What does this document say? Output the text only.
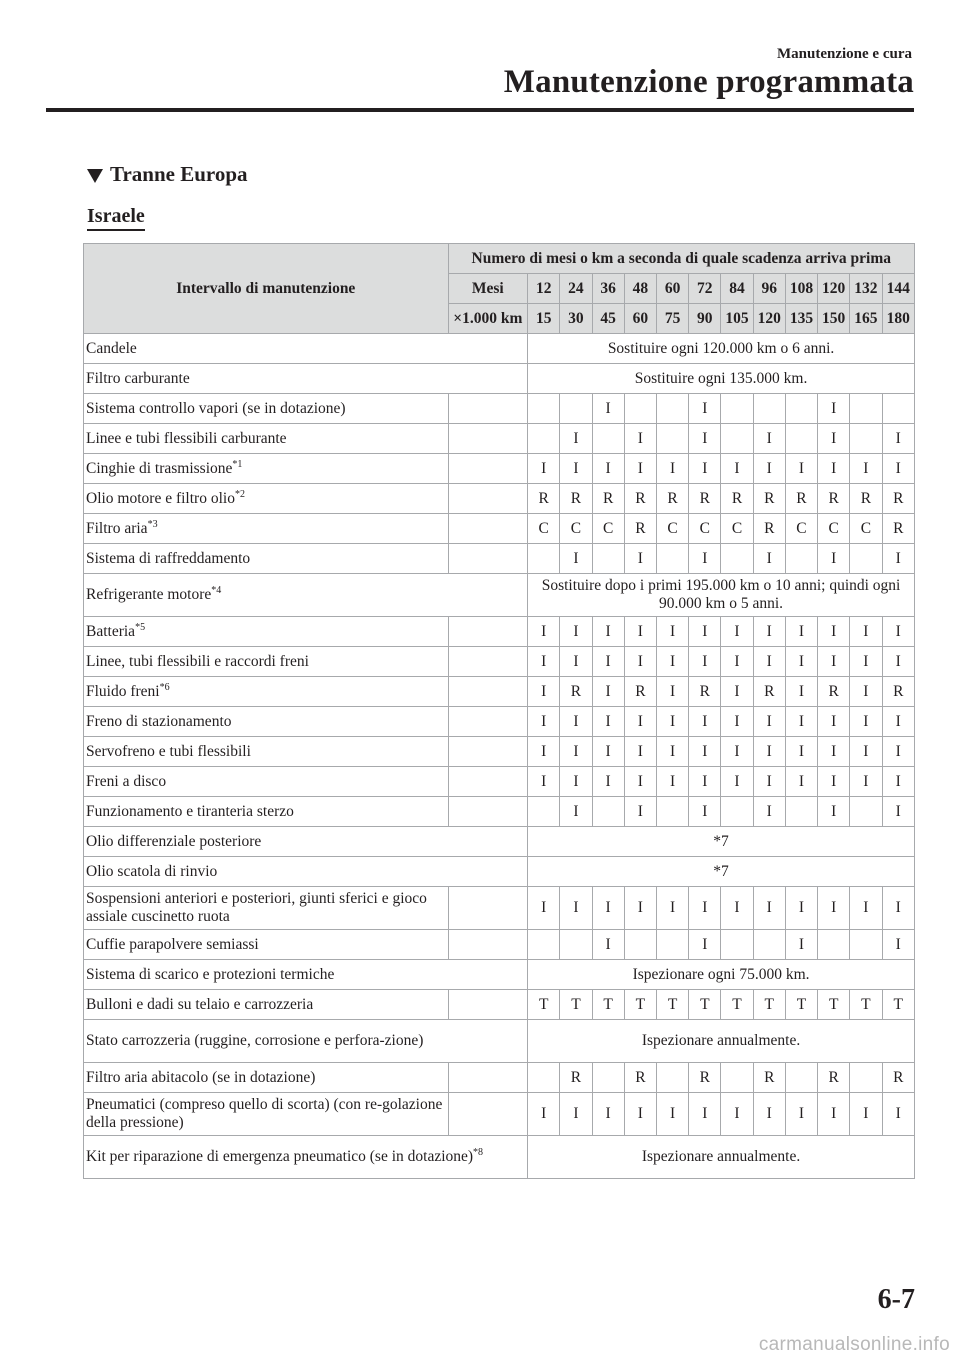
Manutenzione e cura
Manutenzione programmata
Tranne Europa
Israele
Intervallo di manutenzione	Numero di mesi o km a seconda di quale scadenza arriva prima												
	Mesi	12	24	36	48	60	72	84	96	108	120	132	144
	×1.000 km	15	30	45	60	75	90	105	120	135	150	165	180
Candele		Sostituire ogni 120.000 km o 6 anni.											
Filtro carburante		Sostituire ogni 135.000 km.											
Sistema controllo vapori (se in dotazione)				I			I				I		
Linee e tubi flessibili carburante			I		I		I		I		I		I
Cinghie di trasmissione$^{*1}$		I	I	I	I	I	I	I	I	I	I	I	I
Olio motore e filtro olio$^{*2}$		R	R	R	R	R	R	R	R	R	R	R	R
Filtro aria$^{*3}$		C	C	C	R	C	C	C	R	C	C	C	R
Sistema di raffreddamento			I		I		I		I		I		I
Refrigerante motore$^{*4}$		Sostituire dopo i primi 195.000 km o 10 anni; quindi ogni 90.000 km o 5 anni.											
Batteria$^{*5}$		I	I	I	I	I	I	I	I	I	I	I	I
Linee, tubi flessibili e raccordi freni		I	I	I	I	I	I	I	I	I	I	I	I
Fluido freni$^{*6}$		I	R	I	R	I	R	I	R	I	R	I	R
Freno di stazionamento		I	I	I	I	I	I	I	I	I	I	I	I
Servofreno e tubi flessibili		I	I	I	I	I	I	I	I	I	I	I	I
Freni a disco		I	I	I	I	I	I	I	I	I	I	I	I
Funzionamento e tiranteria sterzo			I		I		I		I		I		I
Olio differenziale posteriore		*7											
Olio scatola di rinvio		*7											
Sospensioni anteriori e posteriori, giunti sferici e gioco assiale cuscinetto ruota		I	I	I	I	I	I	I	I	I	I	I	I
Cuffie parapolvere semiassi				I			I			I			I
Sistema di scarico e protezioni termiche		Ispezionare ogni 75.000 km.											
Bulloni e dadi su telaio e carrozzeria		T	T	T	T	T	T	T	T	T	T	T	T
Stato carrozzeria (ruggine, corrosione e perfora-zione)		Ispezionare annualmente.											
Filtro aria abitacolo (se in dotazione)			R		R		R		R		R		R
Pneumatici (compreso quello di scorta) (con re-golazione della pressione)		I	I	I	I	I	I	I	I	I	I	I	I
Kit per riparazione di emergenza pneumatico (se in dotazione)$^{*8}$		Ispezionare annualmente.											
6-7
carmanualsonline.info
